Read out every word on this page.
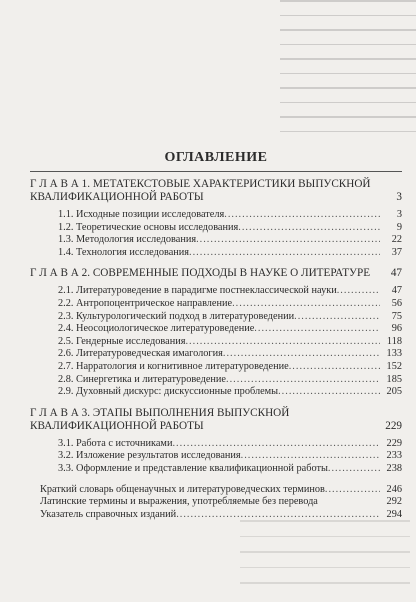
ОГЛАВЛЕНИЕ
Г Л А В А 1. МЕТАТЕКСТОВЫЕ ХАРАКТЕРИСТИКИ ВЫПУСКНОЙ КВАЛИФИКАЦИОННОЙ РАБОТЫ	3
1.1. Исходные позиции исследователя .....	3
1.2. Теоретические основы исследования .....	9
1.3. Методология исследования .....	22
1.4. Технология исследования .....	37
Г Л А В А 2. СОВРЕМЕННЫЕ ПОДХОДЫ В НАУКЕ О ЛИТЕРАТУРЕ	47
2.1. Литературоведение в парадигме постнеклассической науки .....	47
2.2. Антропоцентрическое направление .....	56
2.3. Культурологический подход в литературоведении .....	75
2.4. Неосоциологическое литературоведение .....	96
2.5. Гендерные исследования .....	118
2.6. Литературоведческая имагология .....	133
2.7. Нарратология и когнитивное литературоведение .....	152
2.8. Синергетика и литературоведение .....	185
2.9. Духовный дискурс: дискуссионные проблемы .....	205
Г Л А В А 3. ЭТАПЫ ВЫПОЛНЕНИЯ ВЫПУСКНОЙ КВАЛИФИКАЦИОННОЙ РАБОТЫ	229
3.1. Работа с источниками .....	229
3.2. Изложение результатов исследования .....	233
3.3. Оформление и представление квалификационной работы .....	238
Краткий словарь общенаучных и литературоведческих терминов .....	246
Латинские термины и выражения, употребляемые без перевода	292
Указатель справочных изданий .....	294
